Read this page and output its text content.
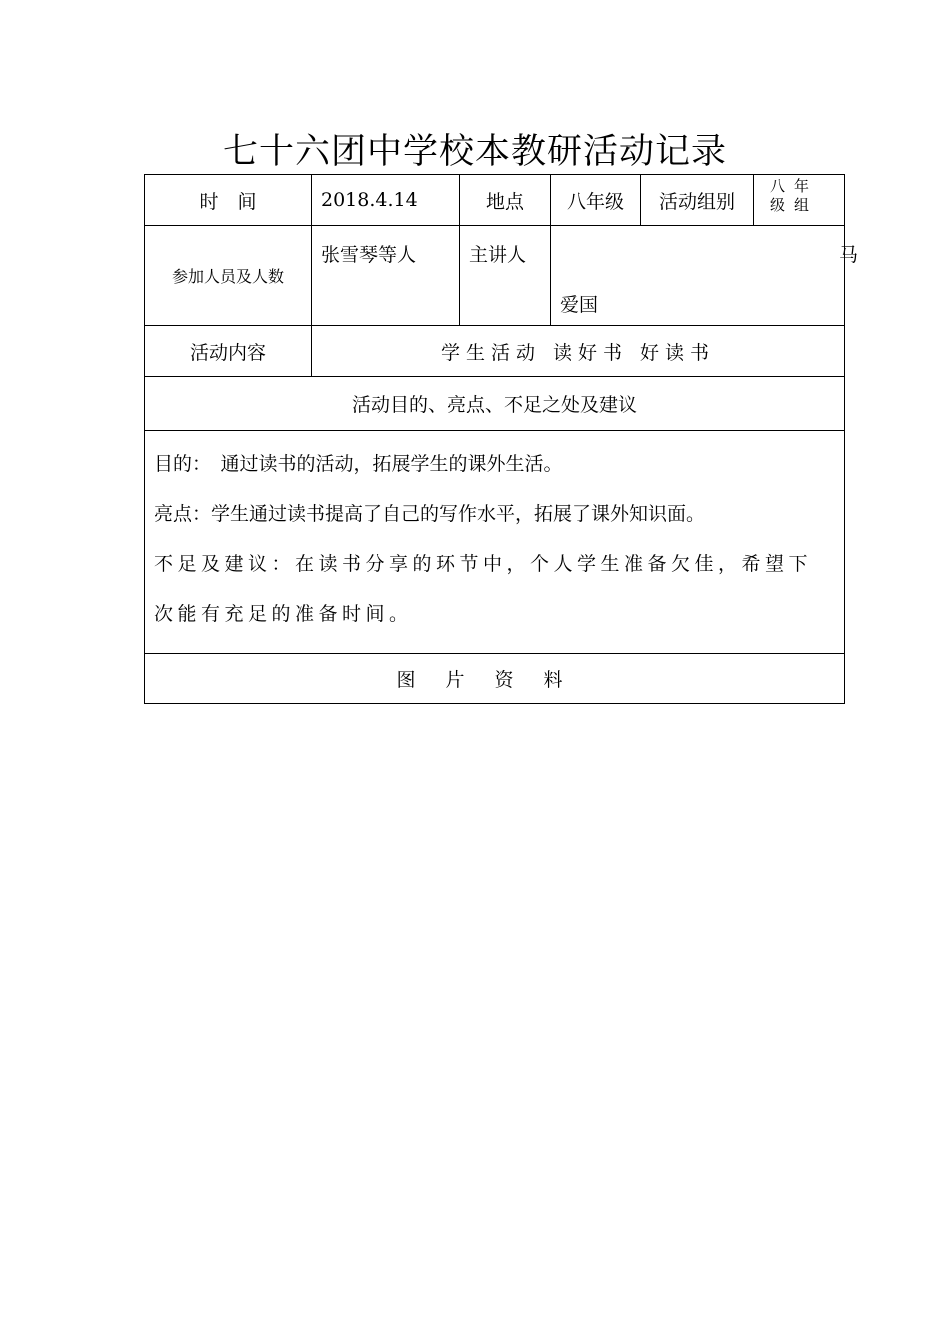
七十六团中学校本教研活动记录
时　间	2018.4.14	地点	八年级	活动组别	八年级组
参加人员及人数	张雪琴等人	主讲人	马
爱国		

活动内容	学生活动 读好书 好读书				
活动目的、亮点、不足之处及建议					

目的：　通过读书的活动，拓展学生的课外生活。

亮点：学生通过读书提高了自己的写作水平，拓展了课外知识面。

不足及建议：在读书分享的环节中，个人学生准备欠佳，希望下

次能有充足的准备时间。					

图片资料					
